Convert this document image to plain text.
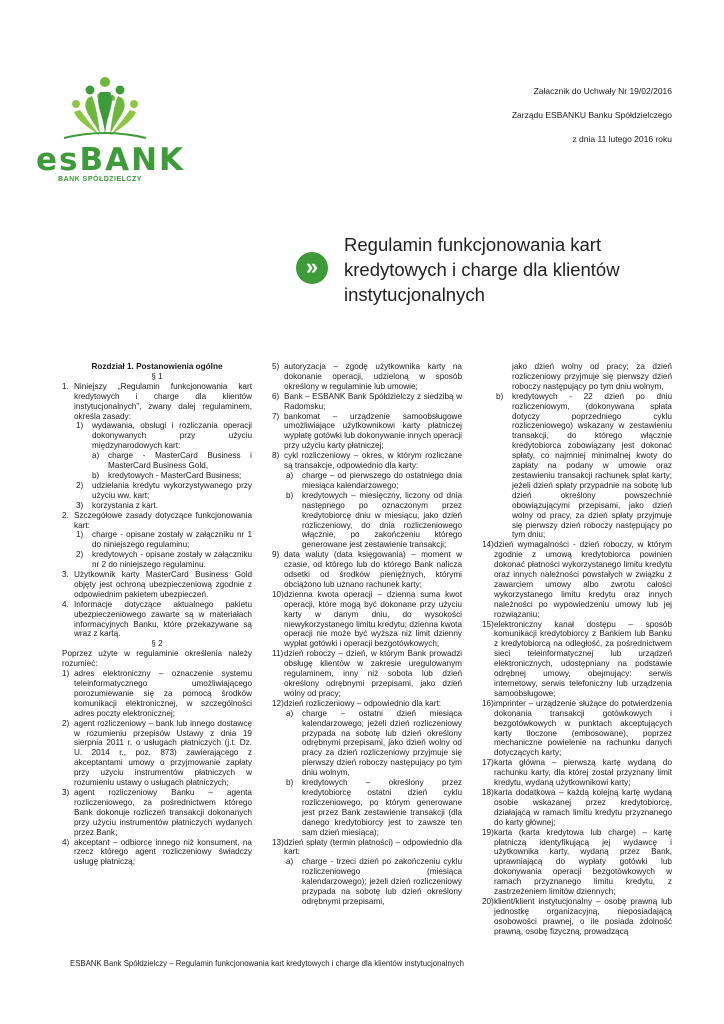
esBANK
BANK SPÓŁDZIELCZY
Załacznik do Uchwały Nr 19/02/2016
Zarządu ESBANKU Banku Spółdzielczego
z dnia 11 lutego 2016 roku
»
Regulamin funkcjonowania kart
kredytowych i charge dla klientów
instytucjonalnych

Rozdział 1. Postanowienia ogólne

§ 1

1. Niniejszy „Regulamin funkcjonowania kart kredytowych i charge dla klientów instytucjonalnych”, zwany dalej regulaminem, określa zasady:

1) wydawania, obsługi i rozliczania operacji dokonywanych przy użyciu międzynarodowych kart:

a) charge - MasterCard Business i MasterCard Business Gold,

b) kredytowych - MasterCard Business;

2) udzielania kredytu wykorzystywanego przy użyciu ww. kart;

3) korzystania z kart.

2. Szczegółowe zasady dotyczące funkcjonowania kart:

1) charge - opisane zostały w załączniku nr 1 do niniejszego regulaminu;

2) kredytowych - opisane zostały w załączniku nr 2 do niniejszego regulaminu.

3. Użytkownik karty MasterCard Business Gold objęty jest ochroną ubezpieczeniową zgodnie z odpowiednim pakietem ubezpieczeń.

4. Informacje dotyczące aktualnego pakietu ubezpieczeniowego zawarte są w materiałach informacyjnych Banku, które przekazywane są wraz z kartą.

§ 2

Poprzez użyte w regulaminie określenia należy rozumieć:

1) adres elektroniczny – oznaczenie systemu teleinformatycznego umożliwiającego porozumiewanie się za pomocą środków komunikacji elektronicznej, w szczególności adres poczty elektronicznej;

2) agent rozliczeniowy – bank lub innego dostawcę w rozumieniu przepisów Ustawy z dnia 19 sierpnia 2011 r. o usługach płatniczych (j.t. Dz. U. 2014 r., poz. 873) zawierającego z akceptantami umowy o przyjmowanie zapłaty przy użyciu instrumentów płatniczych w rozumieniu ustawy o usługach płatniczych;

3) agent rozliczeniowy Banku – agenta rozliczeniowego, za pośrednictwem którego Bank dokonuje rozliczeń transakcji dokonanych przy użyciu instrumentów płatniczych wydanych przez Bank;

4) akceptant – odbiorcę innego niż konsument, na rzecz którego agent rozliczeniowy świadczy usługę płatniczą;

5) autoryzacja – zgodę użytkownika karty na dokonanie operacji, udzieloną w sposób określony w regulaminie lub umowie;

6) Bank – ESBANK Bank Spółdzielczy z siedzibą w Radomsku;

7) bankomat – urządzenie samoobsługowe umożliwiające użytkownikowi karty płatniczej wypłatę gotówki lub dokonywanie innych operacji przy użyciu karty płatniczej;

8) cykl rozliczeniowy – okres, w którym rozliczane są transakcje, odpowiednio dla karty:

a) charge – od pierwszego do ostatniego dnia miesiąca kalendarzowego;

b) kredytowych – miesięczny, liczony od dnia następnego po oznaczonym przez kredytobiorcę dniu w miesiącu, jako dzień rozliczeniowy, do dnia rozliczeniowego włącznie, po zakończeniu którego generowane jest zestawienie transakcji;

9) data waluty (data księgowania) – moment w czasie, od którego lub do którego Bank nalicza odsetki od środków pieniężnych, którymi obciążono lub uznano rachunek karty;

10) dzienna kwota operacji – dzienna suma kwot operacji, które mogą być dokonane przy użyciu karty w danym dniu, do wysokości niewykorzystanego limitu kredytu; dzienna kwota operacji nie może być wyższa niż limit dzienny wypłat gotówki i operacji bezgotówkowych;

11) dzień roboczy – dzień, w którym Bank prowadzi obsługę klientów w zakresie uregulowanym regulaminem, inny niż sobota lub dzień określony odrębnymi przepisami, jako dzień wolny od pracy;

12) dzień rozliczeniowy – odpowiednio dla kart:

a) charge – ostatni dzień miesiąca kalendarzowego; jeżeli dzień rozliczeniowy przypada na sobotę lub dzień określony odrębnymi przepisami, jako dzień wolny od pracy za dzień rozliczeniowy przyjmuje się pierwszy dzień roboczy następujący po tym dniu wolnym,

b) kredytowych – określony przez kredytobiorcę ostatni dzień cyklu rozliczeniowego, po którym generowane jest przez Bank zestawienie transakcji (dla danego kredytobiorcy jest to zawsze ten sam dzień miesiąca);

13) dzień spłaty (termin płatności) – odpowiednio dla kart:

a) charge - trzeci dzień po zakończeniu cyklu rozliczeniowego (miesiąca kalendarzowego); jeżeli dzień rozliczeniowy przypada na sobotę lub dzień określony odrębnymi przepisami,

jako dzień wolny od pracy; za dzień rozliczeniowy przyjmuje się pierwszy dzień roboczy następujący po tym dniu wolnym,

b) kredytowych - 22 dzień po dniu rozliczeniowym, (dokonywana spłata dotyczy poprzedniego cyklu rozliczeniowego) wskazany w zestawieniu transakcji, do którego włącznie kredytobiorca zobowiązany jest dokonać spłaty, co najmniej minimalnej kwoty do zapłaty na podany w umowie oraz zestawieniu transakcji rachunek spłat karty; jeżeli dzień spłaty przypadnie na sobotę lub dzień określony powszechnie obowiązującymi przepisami, jako dzień wolny od pracy, za dzień spłaty przyjmuje się pierwszy dzień roboczy następujący po tym dniu;

14) dzień wymagalności - dzień roboczy, w którym zgodnie z umową kredytobiorca powinien dokonać płatności wykorzystanego limitu kredytu oraz innych należności powstałych w związku z zawarciem umowy albo zwrotu całości wykorzystanego limitu kredytu oraz innych należności po wypowiedzeniu umowy lub jej rozwiązaniu;

15) elektroniczny kanał dostępu – sposób komunikacji kredytobiorcy z Bankiem lub Banku z kredytobiorcą na odległość, za pośrednictwem sieci teleinformatycznej lub urządzeń elektronicznych, udostępniany na podstawie odrębnej umowy, obejmujący: serwis internetowy, serwis telefoniczny lub urządzenia samoobsługowe;

16) imprinter – urządzenie służące do potwierdzenia dokonania transakcji gotówkowych i bezgotówkowych w punktach akceptujących karty tłoczone (embosowane), poprzez mechaniczne powielenie na rachunku danych dotyczących karty;

17) karta główna – pierwszą kartę wydaną do rachunku karty, dla której został przyznany limit kredytu, wydaną użytkownikowi karty;

18) karta dodatkowa – każdą kolejną kartę wydaną osobie wskazanej przez kredytobiorcę, działającą w ramach limitu kredytu przyznanego do karty głównej;

19) karta (karta kredytowa lub charge) – kartę płatniczą identyfikującą jej wydawcę i użytkownika karty, wydaną przez Bank, uprawniającą do wypłaty gotówki lub dokonywania operacji bezgotówkowych w ramach przyznanego limitu kredytu, z zastrzeżeniem limitów dziennych;

20) klient/klient instytucjonalny – osobę prawną lub jednostkę organizacyjną, nieposiadającą osobowości prawnej, o ile posiada zdolność prawną, osobę fizyczną, prowadzącą

ESBANK Bank Spółdzielczy – Regulamin funkcjonowania kart kredytowych i charge dla klientów instytucjonalnych
